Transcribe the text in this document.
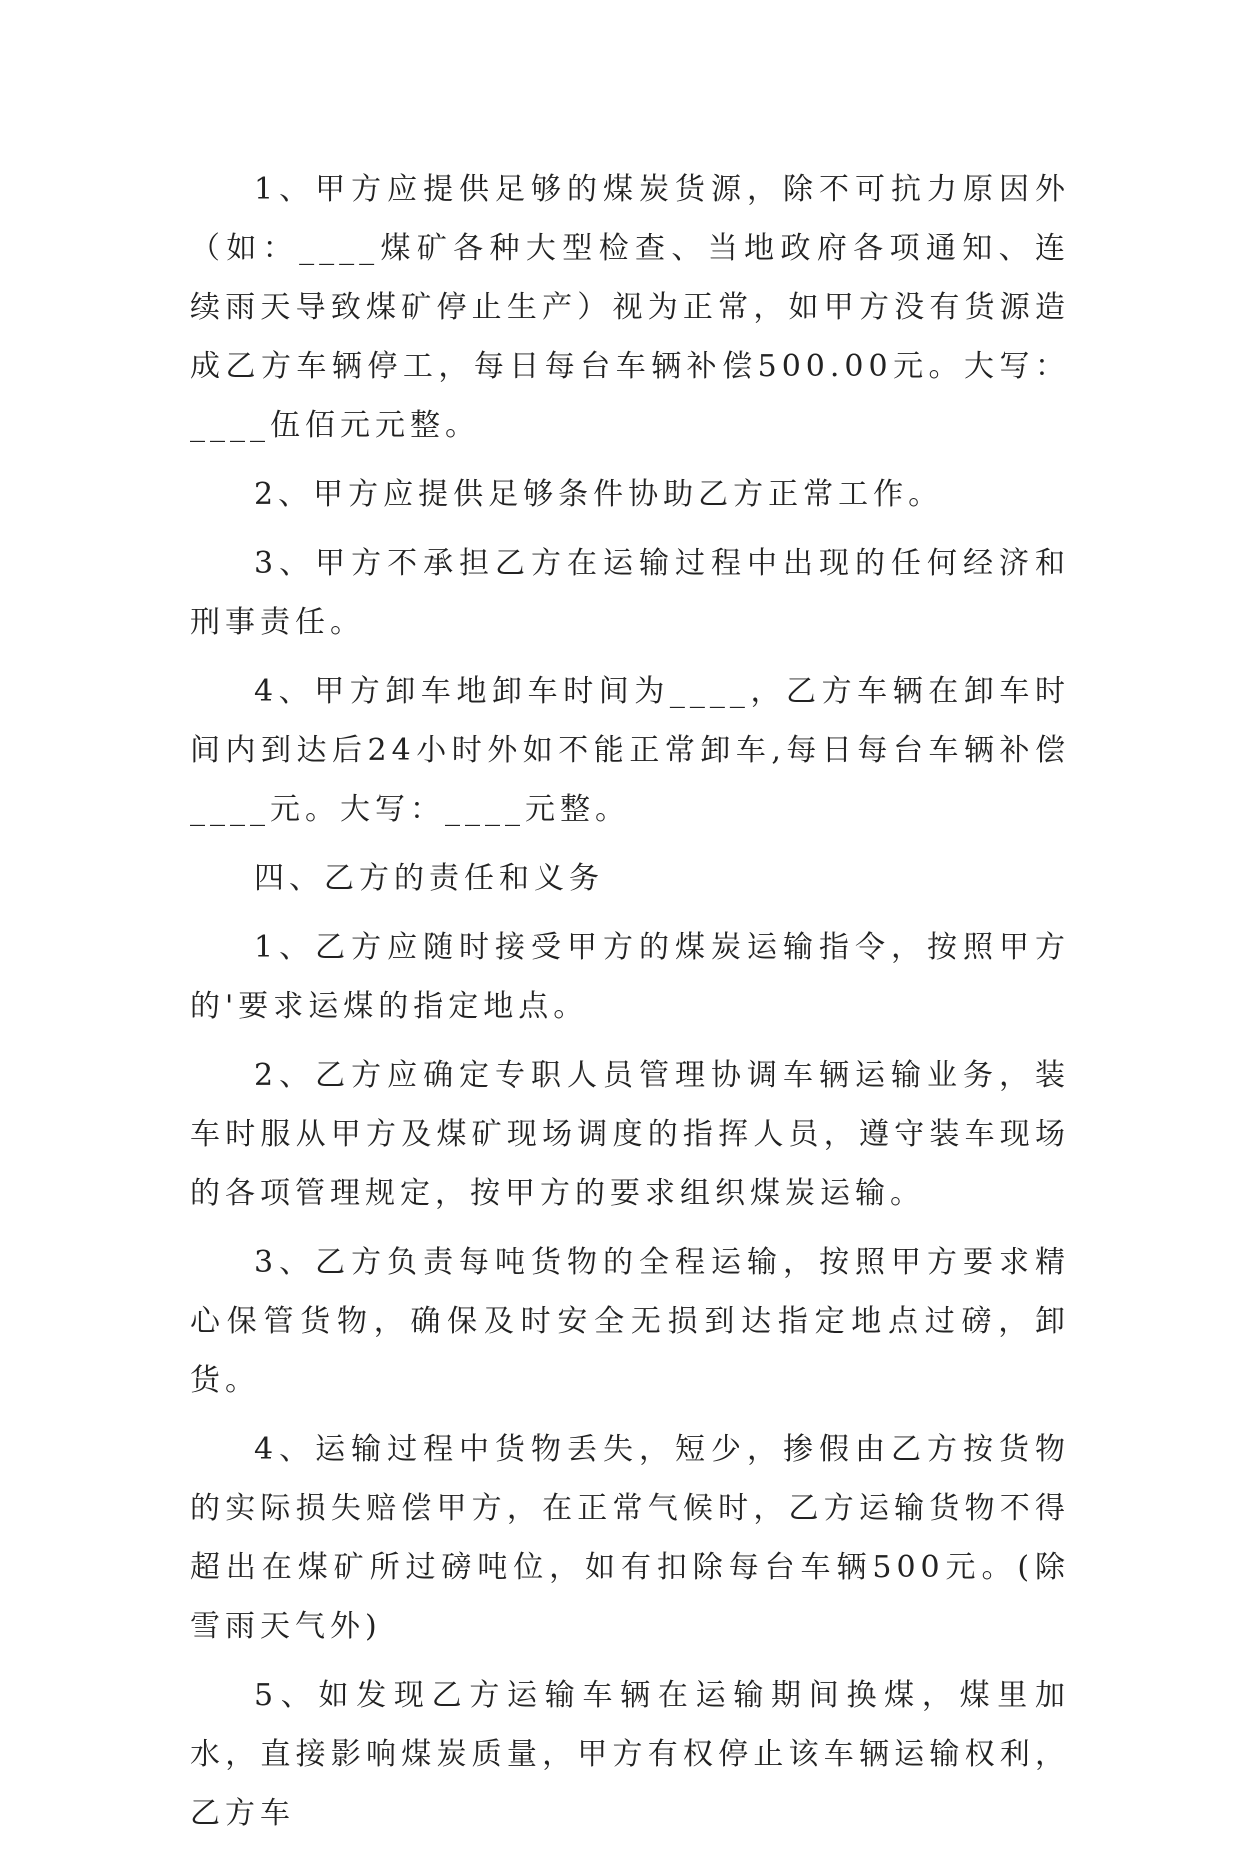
1、甲方应提供足够的煤炭货源，除不可抗力原因外（如：____煤矿各种大型检查、当地政府各项通知、连续雨天导致煤矿停止生产）视为正常，如甲方没有货源造成乙方车辆停工，每日每台车辆补偿500.00元。大写：____伍佰元元整。

2、甲方应提供足够条件协助乙方正常工作。

3、甲方不承担乙方在运输过程中出现的任何经济和刑事责任。

4、甲方卸车地卸车时间为____，乙方车辆在卸车时间内到达后24小时外如不能正常卸车,每日每台车辆补偿____元。大写：____元整。

四、乙方的责任和义务

1、乙方应随时接受甲方的煤炭运输指令，按照甲方的'要求运煤的指定地点。

2、乙方应确定专职人员管理协调车辆运输业务，装车时服从甲方及煤矿现场调度的指挥人员，遵守装车现场的各项管理规定，按甲方的要求组织煤炭运输。

3、乙方负责每吨货物的全程运输，按照甲方要求精心保管货物，确保及时安全无损到达指定地点过磅，卸货。

4、运输过程中货物丢失，短少，掺假由乙方按货物的实际损失赔偿甲方，在正常气候时，乙方运输货物不得超出在煤矿所过磅吨位，如有扣除每台车辆500元。(除雪雨天气外)

5、如发现乙方运输车辆在运输期间换煤，煤里加水，直接影响煤炭质量，甲方有权停止该车辆运输权利，乙方车
